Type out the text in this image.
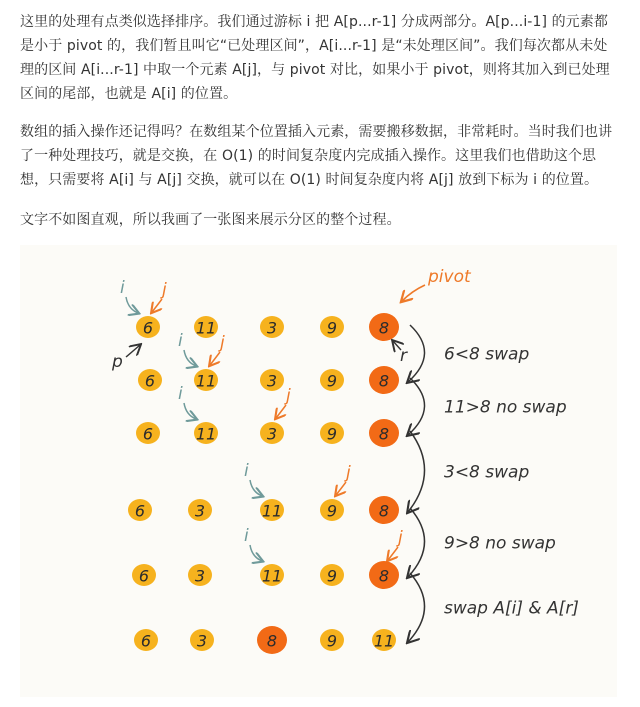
这里的处理有点类似选择排序。我们通过游标 i 把 A[p...r-1] 分成两部分。A[p...i-1] 的元素都是小于 pivot 的，我们暂且叫它“已处理区间”，A[i...r-1] 是“未处理区间”。我们每次都从未处理的区间 A[i...r-1] 中取一个元素 A[j]，与 pivot 对比，如果小于 pivot，则将其加入到已处理区间的尾部，也就是 A[i] 的位置。

数组的插入操作还记得吗？在数组某个位置插入元素，需要搬移数据，非常耗时。当时我们也讲了一种处理技巧，就是交换，在 O(1) 的时间复杂度内完成插入操作。这里我们也借助这个思想，只需要将 A[i] 与 A[j] 交换，就可以在 O(1) 时间复杂度内将 A[j] 放到下标为 i 的位置。

文字不如图直观，所以我画了一张图来展示分区的整个过程。

i j
i j
i	j
i	j
i	j
6	11	3	9	8
6	11	3	9	8
6	11	3	9	8
6	3	11	9	8
6	3	11	9	8
6	3	8	9 11
6<8 swap
11>8 no swap
3<8 swap
9>8 no swap
swap A[i] & A[r]
pivot
p	r
